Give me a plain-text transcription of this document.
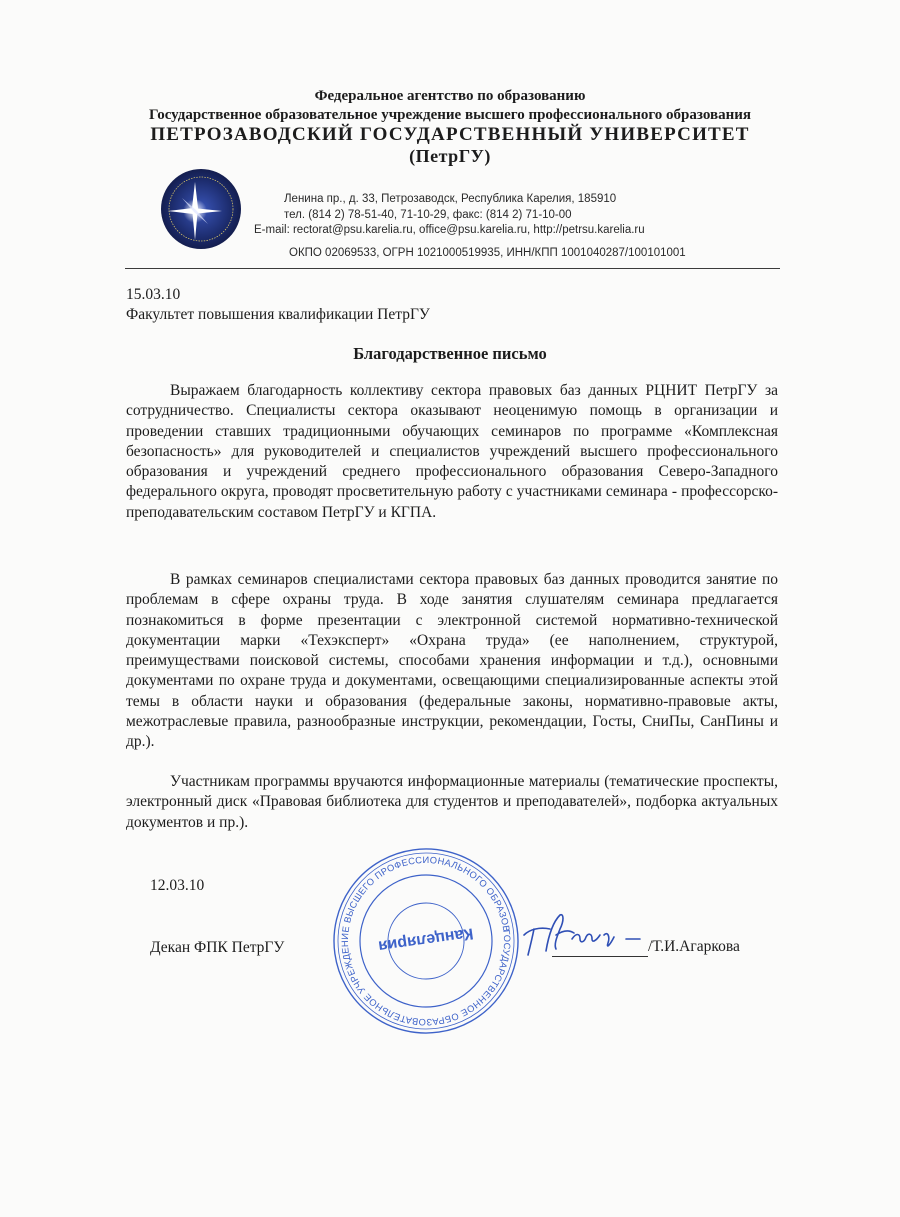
Федеральное агентство по образованию
Государственное образовательное учреждение высшего профессионального образования
ПЕТРОЗАВОДСКИЙ ГОСУДАРСТВЕННЫЙ УНИВЕРСИТЕТ
(ПетрГУ)
Ленина пр., д. 33, Петрозаводск, Республика Карелия, 185910
тел. (814 2) 78-51-40, 71-10-29, факс: (814 2) 71-10-00
E-mail: rectorat@psu.karelia.ru, office@psu.karelia.ru, http://petrsu.karelia.ru
ОКПО 02069533, ОГРН 1021000519935, ИНН/КПП 1001040287/100101001
15.03.10
Факультет повышения квалификации ПетрГУ
Благодарственное письмо

Выражаем благодарность коллективу сектора правовых баз данных РЦНИТ ПетрГУ за сотрудничество. Специалисты сектора оказывают неоценимую помощь в организации и проведении ставших традиционными обучающих семинаров по программе «Комплексная безопасность» для руководителей и специалистов учреждений высшего профессионального образования и учреждений среднего профессионального образования Северо-Западного федерального округа, проводят просветительную работу с участниками семинара - профессорско-преподавательским составом ПетрГУ и КГПА.

В рамках семинаров специалистами сектора правовых баз данных проводится занятие по проблемам в сфере охраны труда. В ходе занятия слушателям семинара предлагается познакомиться в форме презентации с электронной системой нормативно-технической документации марки «Техэксперт» «Охрана труда» (ее наполнением, структурой, преимуществами поисковой системы, способами хранения информации и т.д.), основными документами по охране труда и документами, освещающими специализированные аспекты этой темы в области науки и образования (федеральные законы, нормативно-правовые акты, межотраслевые правила, разнообразные инструкции, рекомендации, Госты, СниПы, СанПины и др.).

Участникам программы вручаются информационные материалы (тематические проспекты, электронный диск «Правовая библиотека для студентов и преподавателей», подборка актуальных документов и пр.).

12.03.10
Декан ФПК ПетрГУ
ГОСУДАРСТВЕННОЕ ОБРАЗОВАТЕЛЬНОЕ УЧРЕЖДЕНИЕ ВЫСШЕГО ПРОФЕССИОНАЛЬНОГО ОБРАЗОВАНИЯ
Канцелярия	/Т.И.Агаркова
